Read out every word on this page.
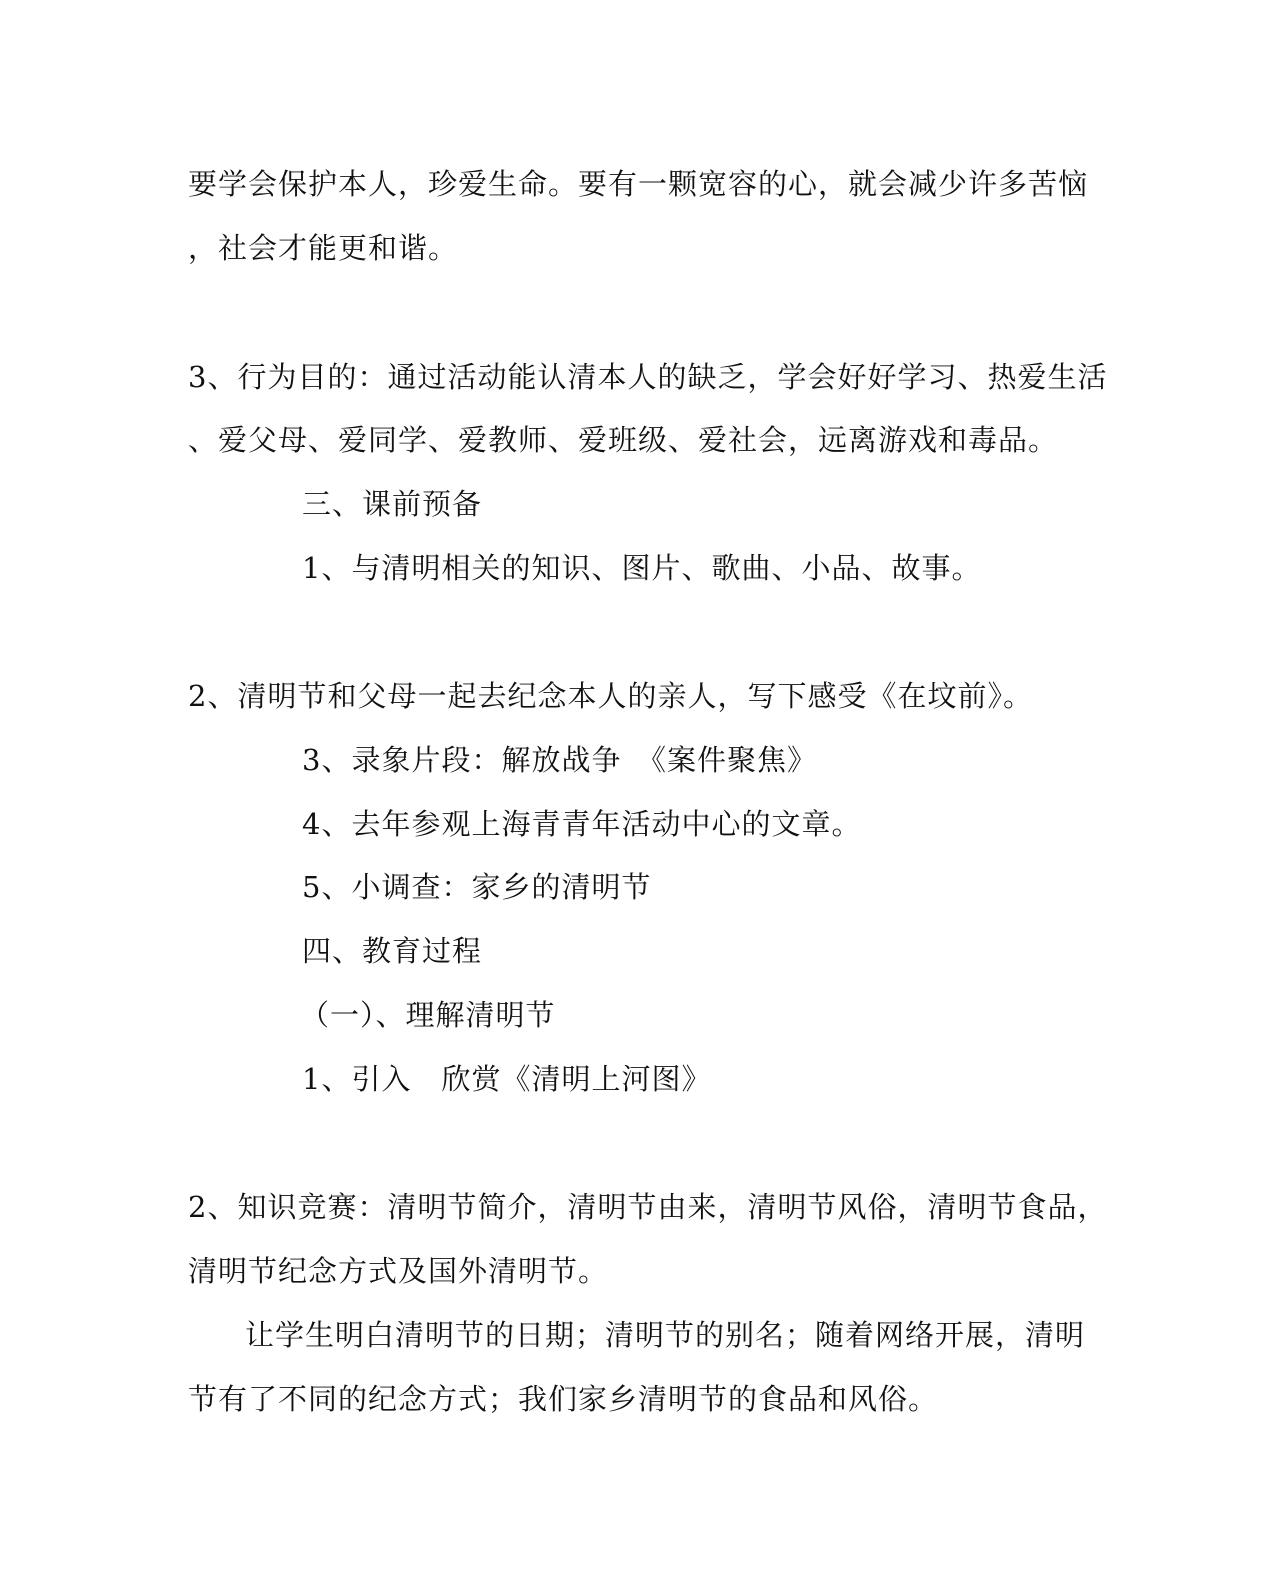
要学会保护本人，珍爱生命。要有一颗宽容的心，就会减少许多苦恼
，社会才能更和谐。
3、行为目的：通过活动能认清本人的缺乏，学会好好学习、热爱生活
、爱父母、爱同学、爱教师、爱班级、爱社会，远离游戏和毒品。
三、课前预备
1、与清明相关的知识、图片、歌曲、小品、故事。
2、清明节和父母一起去纪念本人的亲人，写下感受《在坟前》。
3、录象片段：解放战争　《案件聚焦》
4、去年参观上海青青年活动中心的文章。
5、小调查：家乡的清明节
四、教育过程
（一）、理解清明节
1、引入　欣赏《清明上河图》
2、知识竞赛：清明节简介，清明节由来，清明节风俗，清明节食品，
清明节纪念方式及国外清明节。
让学生明白清明节的日期；清明节的别名；随着网络开展，清明
节有了不同的纪念方式；我们家乡清明节的食品和风俗。
